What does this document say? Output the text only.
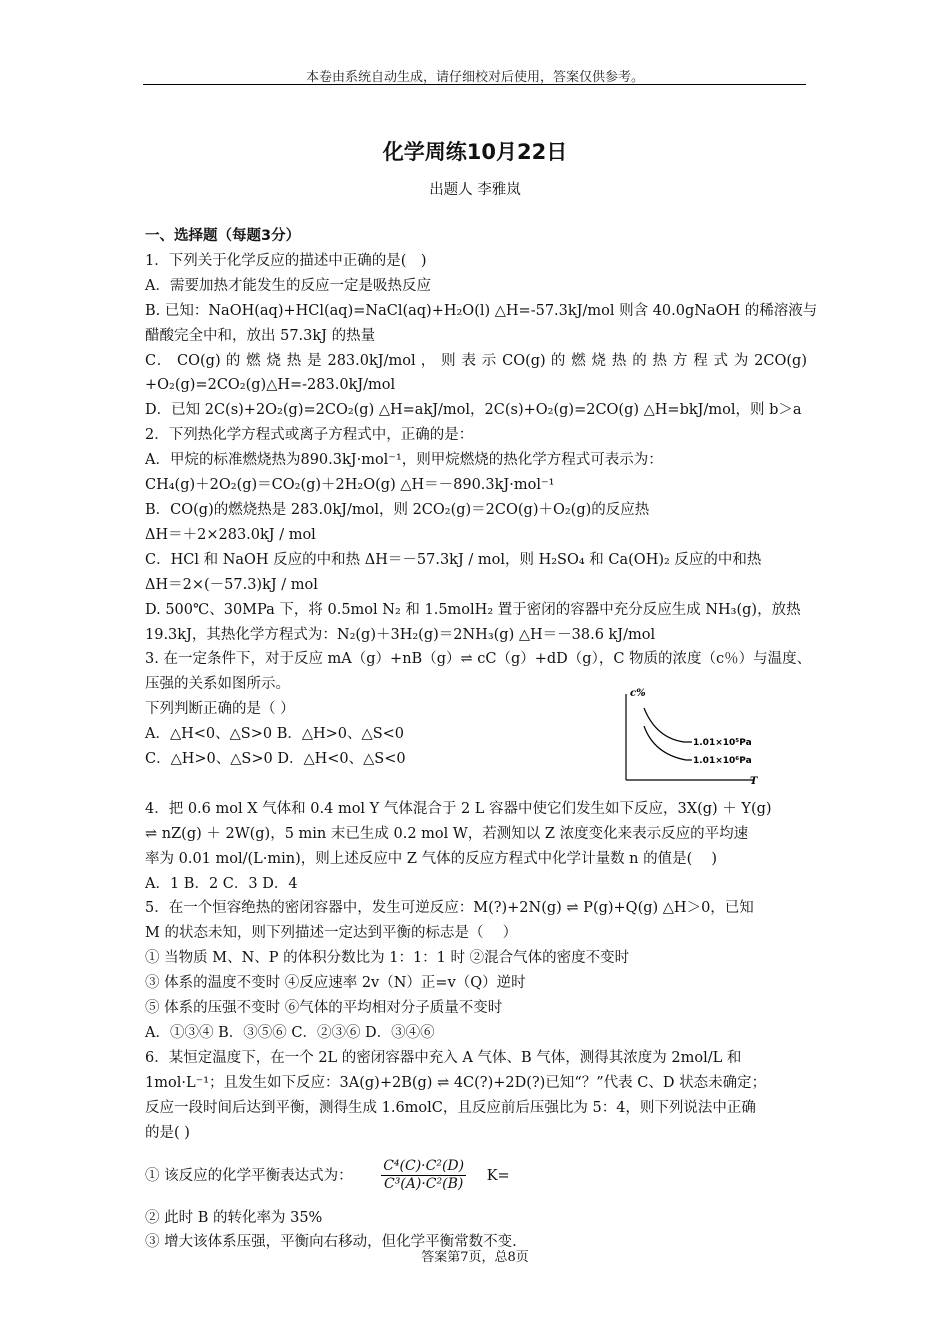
本卷由系统自动生成，请仔细校对后使用，答案仅供参考。
化学周练10月22日
出题人 李雅岚
一、选择题（每题3分）
1．下列关于化学反应的描述中正确的是(　)
A．需要加热才能发生的反应一定是吸热反应
B. 已知：NaOH(aq)+HCl(aq)=NaCl(aq)+H₂O(l) △H=-57.3kJ/mol 则含 40.0gNaOH 的稀溶液与
醋酸完全中和，放出 57.3kJ 的热量
C． CO(g) 的 燃 烧 热 是 283.0kJ/mol ， 则 表 示 CO(g) 的 燃 烧 热 的 热 方 程 式 为 2CO(g)
+O₂(g)=2CO₂(g)△H=-283.0kJ/mol
D．已知 2C(s)+2O₂(g)=2CO₂(g) △H=akJ/mol，2C(s)+O₂(g)=2CO(g) △H=bkJ/mol，则 b＞a
2．下列热化学方程式或离子方程式中，正确的是：
A．甲烷的标准燃烧热为890.3kJ·mol⁻¹，则甲烷燃烧的热化学方程式可表示为：
CH₄(g)＋2O₂(g)＝CO₂(g)＋2H₂O(g) △H＝－890.3kJ·mol⁻¹
B．CO(g)的燃烧热是 283.0kJ/mol，则 2CO₂(g)＝2CO(g)＋O₂(g)的反应热
ΔH＝＋2×283.0kJ / mol
C．HCl 和 NaOH 反应的中和热 ΔH＝－57.3kJ / mol，则 H₂SO₄ 和 Ca(OH)₂ 反应的中和热
ΔH＝2×(－57.3)kJ / mol
D. 500℃、30MPa 下，将 0.5mol N₂ 和 1.5molH₂ 置于密闭的容器中充分反应生成 NH₃(g)，放热
19.3kJ，其热化学方程式为：N₂(g)＋3H₂(g)＝2NH₃(g) △H＝－38.6 kJ/mol
3. 在一定条件下，对于反应 mA（g）+nB（g）⇌ cC（g）+dD（g），C 物质的浓度（c％）与温度、
压强的关系如图所示。
下列判断正确的是（ ）
A．△H<0、△S>0 B．△H>0、△S<0
C．△H>0、△S>0 D．△H<0、△S<0
4．把 0.6 mol X 气体和 0.4 mol Y 气体混合于 2 L 容器中使它们发生如下反应，3X(g) ＋ Y(g)
⇌ nZ(g) ＋ 2W(g)，5 min 末已生成 0.2 mol W，若测知以 Z 浓度变化来表示反应的平均速
率为 0.01 mol/(L·min)，则上述反应中 Z 气体的反应方程式中化学计量数 n 的值是(　 )
A．1 B．2 C．3 D．4
5．在一个恒容绝热的密闭容器中，发生可逆反应：M(?)+2N(g) ⇌ P(g)+Q(g) △H＞0，已知
M 的状态未知，则下列描述一定达到平衡的标志是（　 ）
① 当物质 M、N、P 的体积分数比为 1：1：1 时 ②混合气体的密度不变时
③ 体系的温度不变时 ④反应速率 2v（N）正=v（Q）逆时
⑤ 体系的压强不变时 ⑥气体的平均相对分子质量不变时
A．①③④ B．③⑤⑥ C．②③⑥ D．③④⑥
6．某恒定温度下，在一个 2L 的密闭容器中充入 A 气体、B 气体，测得其浓度为 2mol/L 和
1mol·L⁻¹；且发生如下反应：3A(g)+2B(g) ⇌ 4C(?)+2D(?)已知“？”代表 C、D 状态未确定；
反应一段时间后达到平衡，测得生成 1.6molC，且反应前后压强比为 5：4，则下列说法中正确
的是( )
① 该反应的化学平衡表达式为： $\frac{\text{C⁴(C)·C²(D)}}{\text{C³(A)·C²(B)}} K=$
② 此时 B 的转化率为 35%
③ 增大该体系压强，平衡向右移动，但化学平衡常数不变.
c%
T
1.01×10⁵Pa
1.01×10⁶Pa
答案第7页，总8页
